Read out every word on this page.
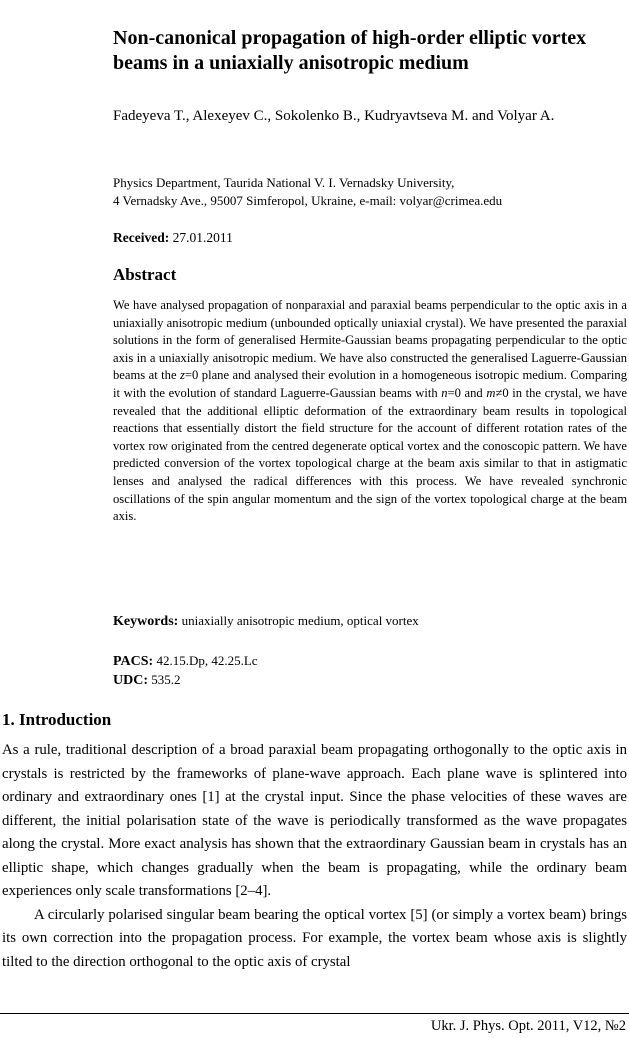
Non-canonical propagation of high-order elliptic vortex beams in a uniaxially anisotropic medium
Fadeyeva T., Alexeyev C., Sokolenko B., Kudryavtseva M. and Volyar A.
Physics Department, Taurida National V. I. Vernadsky University,
4 Vernadsky Ave., 95007 Simferopol, Ukraine, e-mail: volyar@crimea.edu
Received: 27.01.2011
Abstract

We have analysed propagation of nonparaxial and paraxial beams perpendicular to the optic axis in a uniaxially anisotropic medium (unbounded optically uniaxial crystal). We have presented the paraxial solutions in the form of generalised Hermite-Gaussian beams propagating perpendicular to the optic axis in a uniaxially anisotropic medium. We have also constructed the generalised Laguerre-Gaussian beams at the z=0 plane and analysed their evolution in a homogeneous isotropic medium. Comparing it with the evolution of standard Laguerre-Gaussian beams with n=0 and m≠0 in the crystal, we have revealed that the additional elliptic deformation of the extraordinary beam results in topological reactions that essentially distort the field structure for the account of different rotation rates of the vortex row originated from the centred degenerate optical vortex and the conoscopic pattern. We have predicted conversion of the vortex topological charge at the beam axis similar to that in astigmatic lenses and analysed the radical differences with this process. We have revealed synchronic oscillations of the spin angular momentum and the sign of the vortex topological charge at the beam axis.

Keywords: uniaxially anisotropic medium, optical vortex
PACS: 42.15.Dp, 42.25.Lc
UDC: 535.2
1. Introduction

As a rule, traditional description of a broad paraxial beam propagating orthogonally to the optic axis in crystals is restricted by the frameworks of plane-wave approach. Each plane wave is splintered into ordinary and extraordinary ones [1] at the crystal input. Since the phase velocities of these waves are different, the initial polarisation state of the wave is periodically transformed as the wave propagates along the crystal. More exact analysis has shown that the extraordinary Gaussian beam in crystals has an elliptic shape, which changes gradually when the beam is propagating, while the ordinary beam experiences only scale transformations [2–4].

A circularly polarised singular beam bearing the optical vortex [5] (or simply a vortex beam) brings its own correction into the propagation process. For example, the vortex beam whose axis is slightly tilted to the direction orthogonal to the optic axis of crystal

Ukr. J. Phys. Opt. 2011, V12, №2
